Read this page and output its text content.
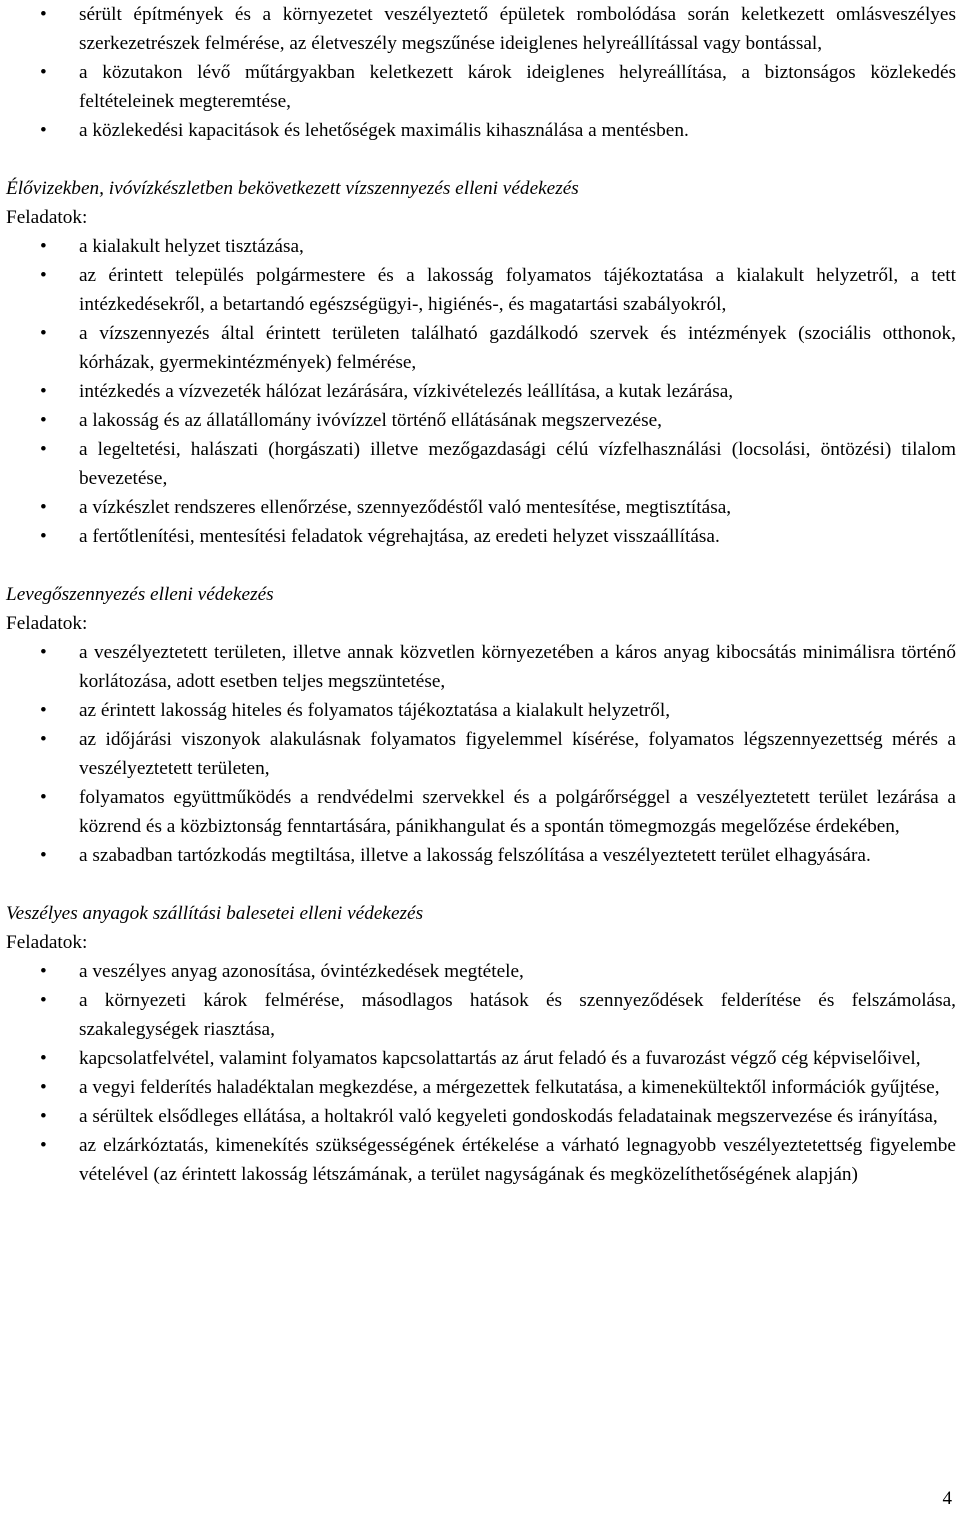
•	sérült építmények és a környezetet veszélyeztető épületek rombolódása során keletkezett omlásveszélyes szerkezetrészek felmérése, az életveszély megszűnése ideiglenes helyreállítással vagy bontással,
•	a közutakon lévő műtárgyakban keletkezett károk ideiglenes helyreállítása, a biztonságos közlekedés feltételeinek megteremtése,
•	a közlekedési kapacitások és lehetőségek maximális kihasználása a mentésben.
Élővizekben, ivóvízkészletben bekövetkezett vízszennyezés elleni védekezés

Feladatok:

•	a kialakult helyzet tisztázása,
•	az érintett település polgármestere és a lakosság folyamatos tájékoztatása a kialakult helyzetről, a tett intézkedésekről, a betartandó egészségügyi-, higiénés-, és magatartási szabályokról,
•	a vízszennyezés által érintett területen található gazdálkodó szervek és intézmények (szociális otthonok, kórházak, gyermekintézmények) felmérése,
•	intézkedés a vízvezeték hálózat lezárására, vízkivételezés leállítása, a kutak lezárása,
•	a lakosság és az állatállomány ivóvízzel történő ellátásának megszervezése,
•	a legeltetési, halászati (horgászati) illetve mezőgazdasági célú vízfelhasználási (locsolási, öntözési) tilalom bevezetése,
•	a vízkészlet rendszeres ellenőrzése, szennyeződéstől való mentesítése, megtisztítása,
•	a fertőtlenítési, mentesítési feladatok végrehajtása, az eredeti helyzet visszaállítása.
Levegőszennyezés elleni védekezés

Feladatok:

•	a veszélyeztetett területen, illetve annak közvetlen környezetében a káros anyag kibocsátás minimálisra történő korlátozása, adott esetben teljes megszüntetése,
•	az érintett lakosság hiteles és folyamatos tájékoztatása a kialakult helyzetről,
•	az időjárási viszonyok alakulásnak folyamatos figyelemmel kísérése, folyamatos légszennyezettség mérés a veszélyeztetett területen,
•	folyamatos együttműködés a rendvédelmi szervekkel és a polgárőrséggel a veszélyeztetett terület lezárása a közrend és a közbiztonság fenntartására, pánikhangulat és a spontán tömegmozgás megelőzése érdekében,
•	a szabadban tartózkodás megtiltása, illetve a lakosság felszólítása a veszélyeztetett terület elhagyására.
Veszélyes anyagok szállítási balesetei elleni védekezés

Feladatok:

•	a veszélyes anyag azonosítása, óvintézkedések megtétele,
•	a környezeti károk felmérése, másodlagos hatások és szennyeződések felderítése és felszámolása, szakalegységek riasztása,
•	kapcsolatfelvétel, valamint folyamatos kapcsolattartás az árut feladó és a fuvarozást végző cég képviselőivel,
•	a vegyi felderítés haladéktalan megkezdése, a mérgezettek felkutatása, a kimenekültektől információk gyűjtése,
•	a sérültek elsődleges ellátása, a holtakról való kegyeleti gondoskodás feladatainak megszervezése és irányítása,
•	az elzárkóztatás, kimenekítés szükségességének értékelése a várható legnagyobb veszélyeztetettség figyelembe vételével (az érintett lakosság létszámának, a terület nagyságának és megközelíthetőségének alapján)
4
